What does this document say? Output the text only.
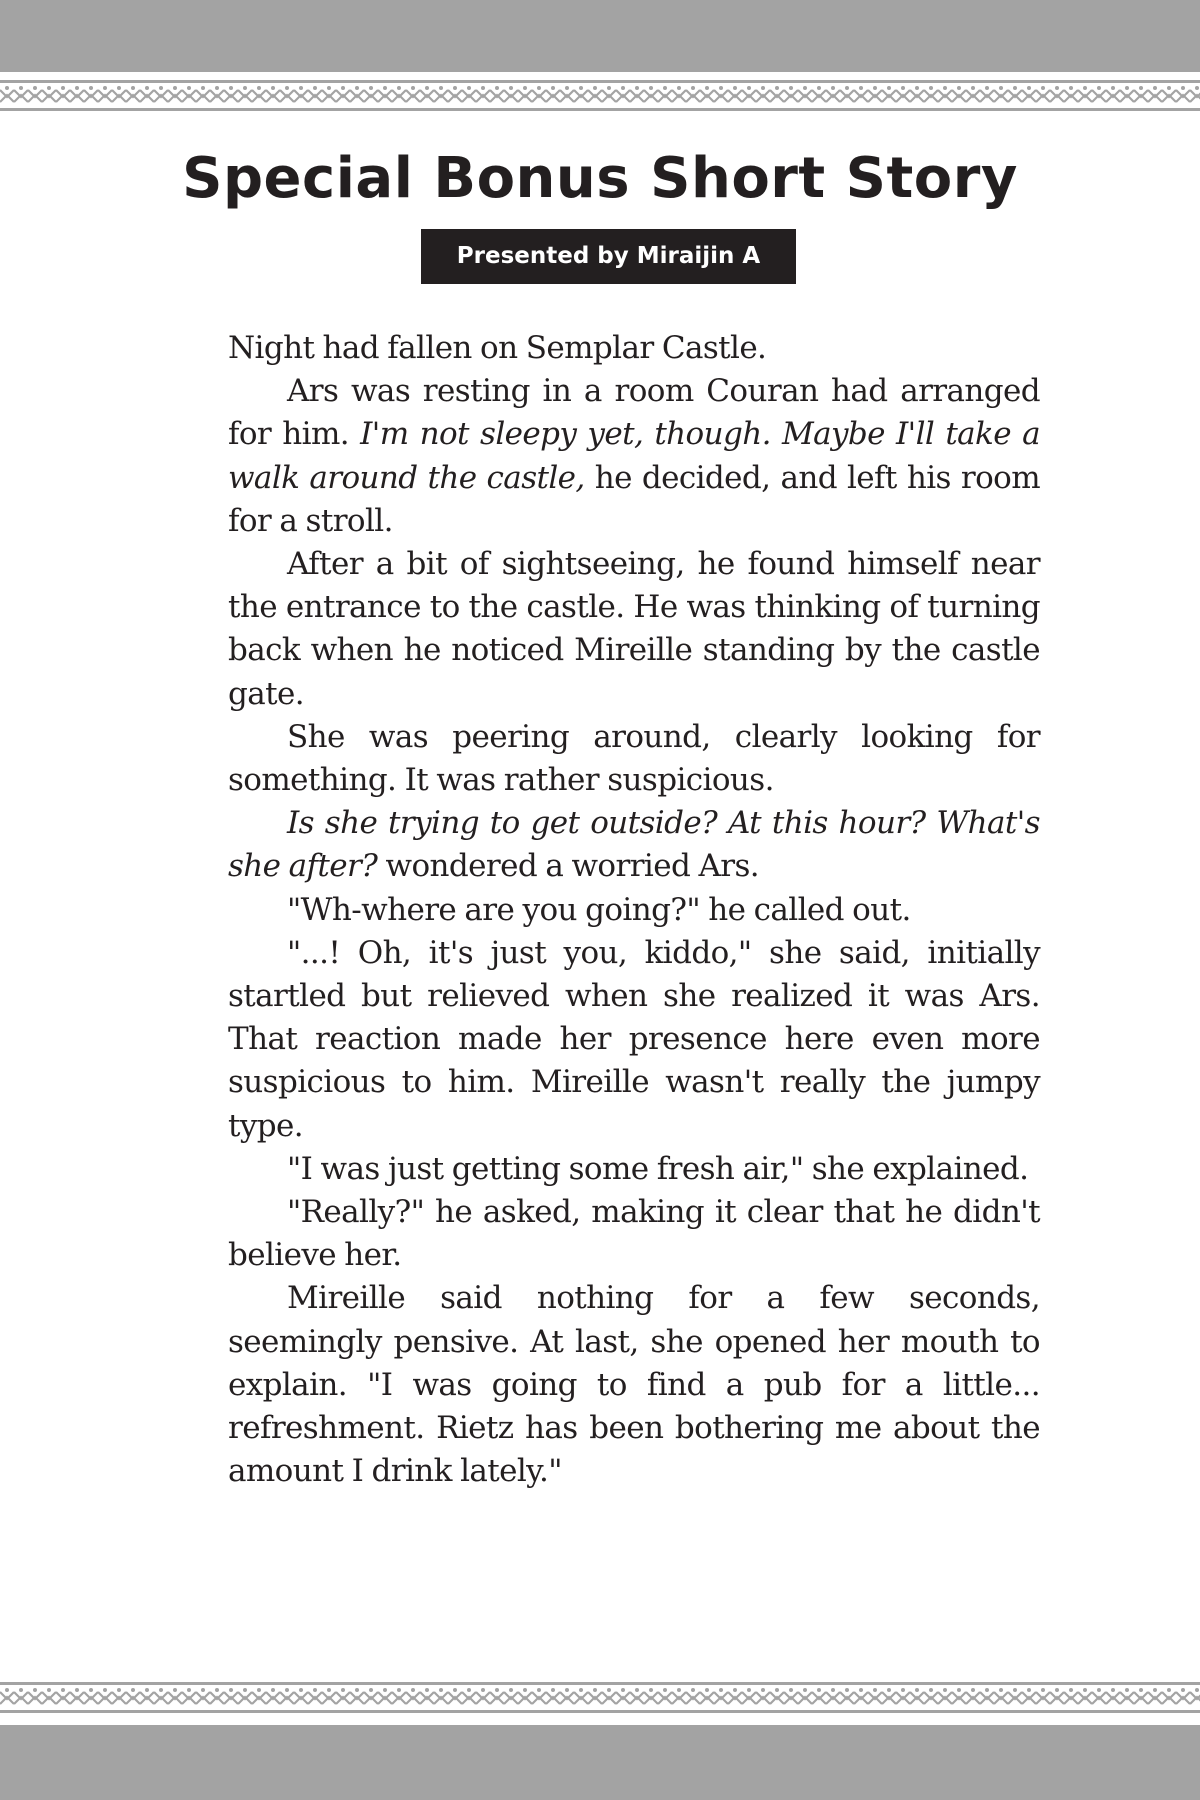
Special Bonus Short Story
Presented by Miraijin A

Night had fallen on Semplar Castle.

Ars was resting in a room Couran had arranged for him. I'm not sleepy yet, though. Maybe I'll take a walk around the castle, he decided, and left his room for a stroll.

After a bit of sightseeing, he found himself near the entrance to the castle. He was thinking of turning back when he noticed Mireille standing by the castle gate.

She was peering around, clearly looking for something. It was rather suspicious.

Is she trying to get outside? At this hour? What's she after? wondered a worried Ars.

"Wh-where are you going?" he called out.

"...! Oh, it's just you, kiddo," she said, initially startled but relieved when she realized it was Ars. That reaction made her presence here even more suspicious to him. Mireille wasn't really the jumpy type.

"I was just getting some fresh air," she explained.

"Really?" he asked, making it clear that he didn't believe her.

Mireille said nothing for a few seconds, seemingly pensive. At last, she opened her mouth to explain. "I was going to find a pub for a little... refreshment. Rietz has been bothering me about the amount I drink lately."
